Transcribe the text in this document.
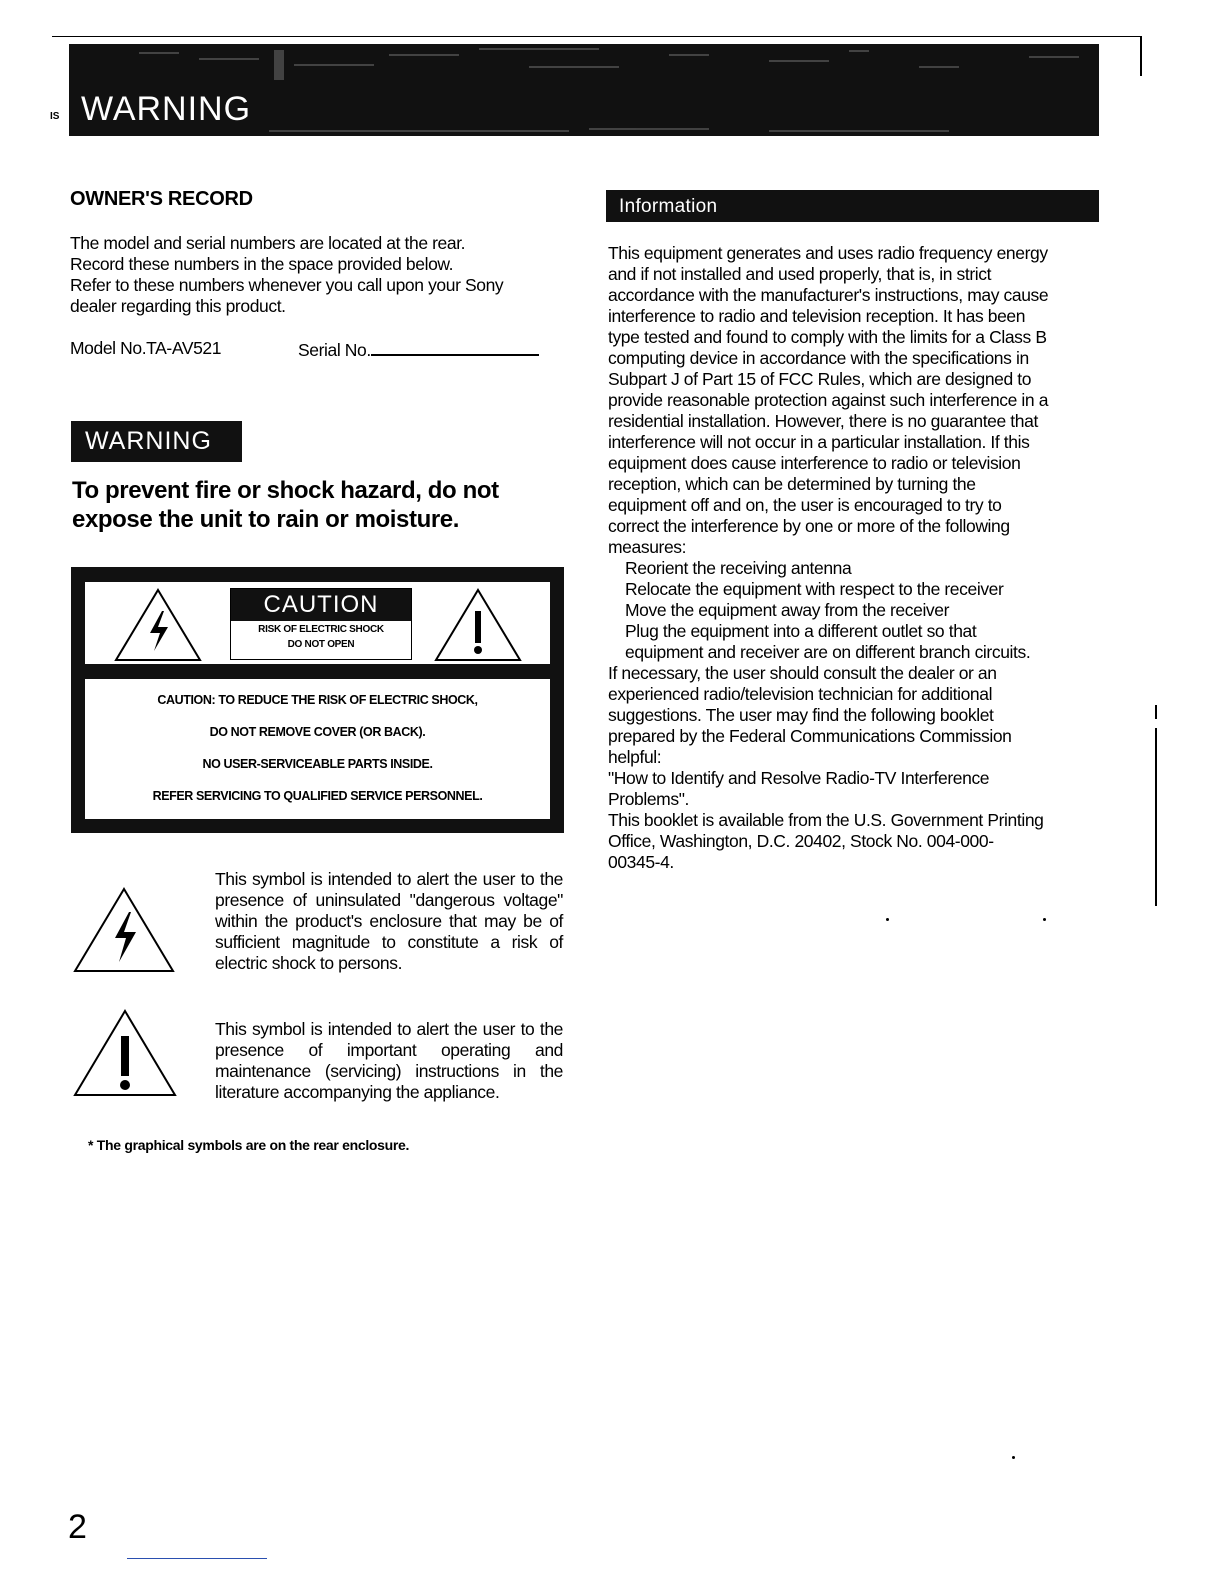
IS WARNING
OWNER'S RECORD

The model and serial numbers are located at the rear.

Record these numbers in the space provided below.

Refer to these numbers whenever you call upon your Sony

dealer regarding this product.

Model No.TA-AV521	Serial No.
WARNING
To prevent fire or shock hazard, do not
expose the unit to rain or moisture.
CAUTION
RISK OF ELECTRIC SHOCK
DO NOT OPEN
CAUTION: TO REDUCE THE RISK OF ELECTRIC SHOCK,
DO NOT REMOVE COVER (OR BACK).
NO USER-SERVICEABLE PARTS INSIDE.
REFER SERVICING TO QUALIFIED SERVICE PERSONNEL.

This symbol is intended to alert the user to the presence of uninsulated "dangerous voltage" within the product's enclosure that may be of sufficient magnitude to constitute a risk of electric shock to persons.

This symbol is intended to alert the user to the presence of important operating and maintenance (servicing) instructions in the literature accompanying the appliance.

* The graphical symbols are on the rear enclosure.
Information

This equipment generates and uses radio frequency energy

and if not installed and used properly, that is, in strict

accordance with the manufacturer's instructions, may cause

interference to radio and television reception. It has been

type tested and found to comply with the limits for a Class B

computing device in accordance with the specifications in

Subpart J of Part 15 of FCC Rules, which are designed to

provide reasonable protection against such interference in a

residential installation. However, there is no guarantee that

interference will not occur in a particular installation. If this

equipment does cause interference to radio or television

reception, which can be determined by turning the

equipment off and on, the user is encouraged to try to

correct the interference by one or more of the following

measures:

Reorient the receiving antenna

Relocate the equipment with respect to the receiver

Move the equipment away from the receiver

Plug the equipment into a different outlet so that

equipment and receiver are on different branch circuits.

If necessary, the user should consult the dealer or an

experienced radio/television technician for additional

suggestions. The user may find the following booklet

prepared by the Federal Communications Commission

helpful:

"How to Identify and Resolve Radio-TV Interference

Problems".

This booklet is available from the U.S. Government Printing

Office, Washington, D.C. 20402, Stock No. 004-000-

00345-4.

2
